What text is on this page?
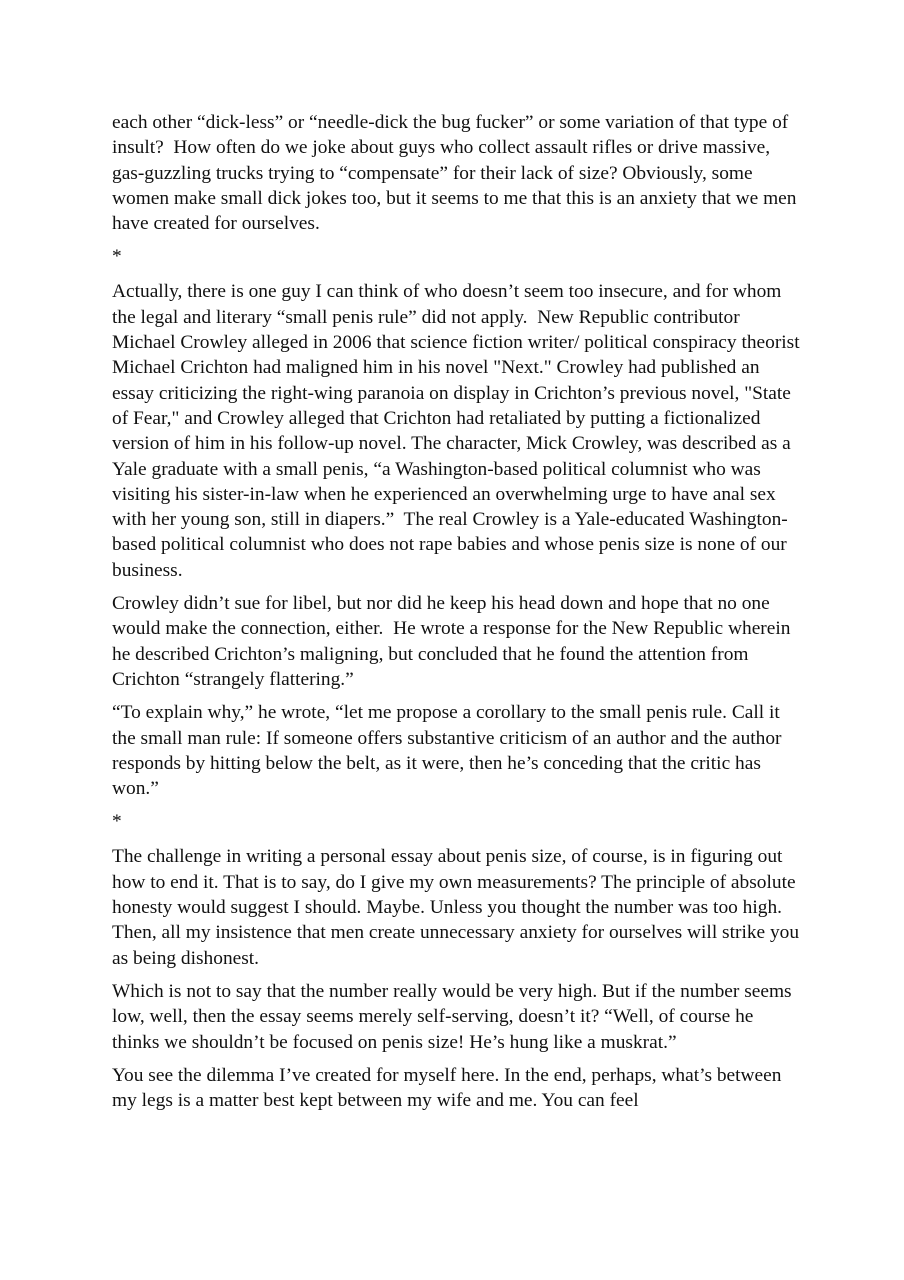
each other “dick-less” or “needle-dick the bug fucker” or some variation of that type of insult?  How often do we joke about guys who collect assault rifles or drive massive, gas-guzzling trucks trying to “compensate” for their lack of size? Obviously, some women make small dick jokes too, but it seems to me that this is an anxiety that we men have created for ourselves.

*

Actually, there is one guy I can think of who doesn’t seem too insecure, and for whom the legal and literary “small penis rule” did not apply.  New Republic contributor Michael Crowley alleged in 2006 that science fiction writer/ political conspiracy theorist Michael Crichton had maligned him in his novel "Next." Crowley had published an essay criticizing the right-wing paranoia on display in Crichton’s previous novel, "State of Fear," and Crowley alleged that Crichton had retaliated by putting a fictionalized version of him in his follow-up novel. The character, Mick Crowley, was described as a Yale graduate with a small penis, “a Washington-based political columnist who was visiting his sister-in-law when he experienced an overwhelming urge to have anal sex with her young son, still in diapers.”  The real Crowley is a Yale-educated Washington-based political columnist who does not rape babies and whose penis size is none of our business.

Crowley didn’t sue for libel, but nor did he keep his head down and hope that no one would make the connection, either.  He wrote a response for the New Republic wherein he described Crichton’s maligning, but concluded that he found the attention from Crichton “strangely flattering.”

“To explain why,” he wrote, “let me propose a corollary to the small penis rule. Call it the small man rule: If someone offers substantive criticism of an author and the author responds by hitting below the belt, as it were, then he’s conceding that the critic has won.”

*

The challenge in writing a personal essay about penis size, of course, is in figuring out how to end it. That is to say, do I give my own measurements? The principle of absolute honesty would suggest I should. Maybe. Unless you thought the number was too high. Then, all my insistence that men create unnecessary anxiety for ourselves will strike you as being dishonest.

Which is not to say that the number really would be very high. But if the number seems low, well, then the essay seems merely self-serving, doesn’t it? “Well, of course he thinks we shouldn’t be focused on penis size! He’s hung like a muskrat.”

You see the dilemma I’ve created for myself here. In the end, perhaps, what’s between my legs is a matter best kept between my wife and me. You can feel
